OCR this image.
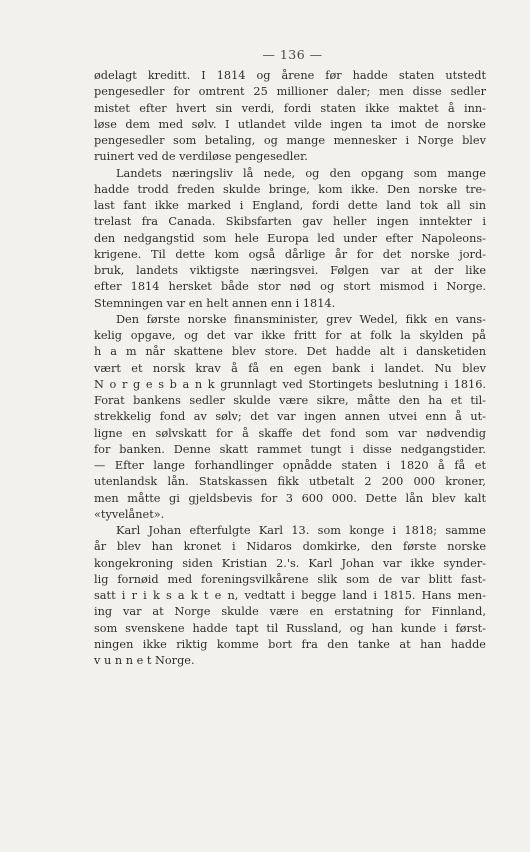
— 136 —
ødelagt kreditt. I 1814 og årene før hadde staten utstedt
pengesedler for omtrent 25 millioner daler; men disse sedler
mistet efter hvert sin verdi, fordi staten ikke maktet å inn-
løse dem med sølv. I utlandet vilde ingen ta imot de norske
pengesedler som betaling, og mange mennesker i Norge blev
ruinert ved de verdiløse pengesedler.
Landets næringsliv lå nede, og den opgang som mange
hadde trodd freden skulde bringe, kom ikke. Den norske tre-
last fant ikke marked i England, fordi dette land tok all sin
trelast fra Canada. Skibsfarten gav heller ingen inntekter i
den nedgangstid som hele Europa led under efter Napoleons-
krigene. Til dette kom også dårlige år for det norske jord-
bruk, landets viktigste næringsvei. Følgen var at der like
efter 1814 hersket både stor nød og stort mismod i Norge.
Stemningen var en helt annen enn i 1814.
Den første norske finansminister, grev Wedel, fikk en vans-
kelig opgave, og det var ikke fritt for at folk la skylden på
h a m når skattene blev store. Det hadde alt i dansketiden
vært et norsk krav å få en egen bank i landet. Nu blev
N o r g e s b a n k grunnlagt ved Stortingets beslutning i 1816.
Forat bankens sedler skulde være sikre, måtte den ha et til-
strekkelig fond av sølv; det var ingen annen utvei enn å ut-
ligne en sølvskatt for å skaffe det fond som var nødvendig
for banken. Denne skatt rammet tungt i disse nedgangstider.
— Efter lange forhandlinger opnådde staten i 1820 å få et
utenlandsk lån. Statskassen fikk utbetalt 2 200 000 kroner,
men måtte gi gjeldsbevis for 3 600 000. Dette lån blev kalt
«tyvelånet».
Karl Johan efterfulgte Karl 13. som konge i 1818; samme
år blev han kronet i Nidaros domkirke, den første norske
kongekroning siden Kristian 2.'s. Karl Johan var ikke synder-
lig fornøid med foreningsvilkårene slik som de var blitt fast-
satt i r i k s a k t e n, vedtatt i begge land i 1815. Hans men-
ing var at Norge skulde være en erstatning for Finnland,
som svenskene hadde tapt til Russland, og han kunde i først-
ningen ikke riktig komme bort fra den tanke at han hadde
v u n n e t Norge.
